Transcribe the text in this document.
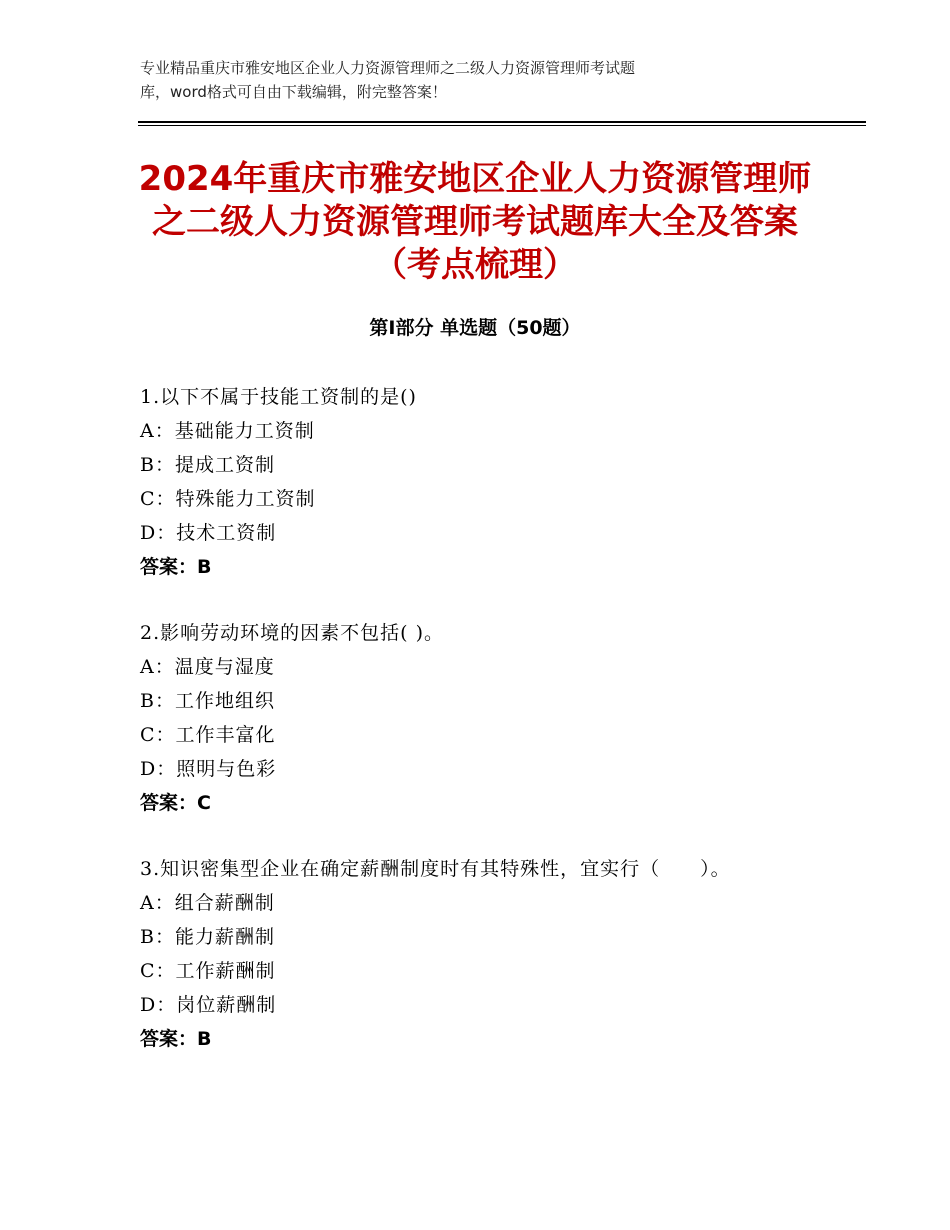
专业精品重庆市雅安地区企业人力资源管理师之二级人力资源管理师考试题
库，word格式可自由下载编辑，附完整答案！
2024年重庆市雅安地区企业人力资源管理师
之二级人力资源管理师考试题库大全及答案
（考点梳理）
第Ⅰ部分 单选题（50题）
1.以下不属于技能工资制的是()
A：基础能力工资制
B：提成工资制
C：特殊能力工资制
D：技术工资制
答案：B
2.影响劳动环境的因素不包括( )。
A：温度与湿度
B：工作地组织
C：工作丰富化
D：照明与色彩
答案：C
3.知识密集型企业在确定薪酬制度时有其特殊性，宜实行（　　）。
A：组合薪酬制
B：能力薪酬制
C：工作薪酬制
D：岗位薪酬制
答案：B
